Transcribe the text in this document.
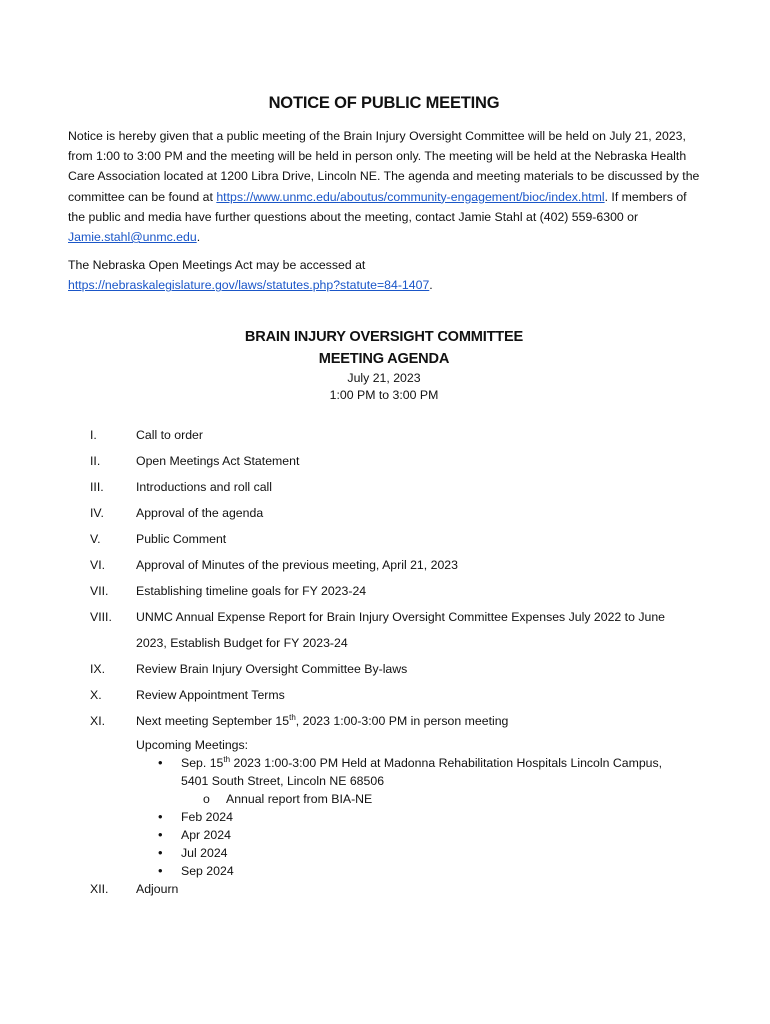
NOTICE OF PUBLIC MEETING

Notice is hereby given that a public meeting of the Brain Injury Oversight Committee will be held on July 21, 2023, from 1:00 to 3:00 PM and the meeting will be held in person only. The meeting will be held at the Nebraska Health Care Association located at 1200 Libra Drive, Lincoln NE. The agenda and meeting materials to be discussed by the committee can be found at https://www.unmc.edu/aboutus/community-engagement/bioc/index.html. If members of the public and media have further questions about the meeting, contact Jamie Stahl at (402) 559-6300 or Jamie.stahl@unmc.edu.

The Nebraska Open Meetings Act may be accessed at
https://nebraskalegislature.gov/laws/statutes.php?statute=84-1407.

BRAIN INJURY OVERSIGHT COMMITTEE
MEETING AGENDA
July 21, 2023
1:00 PM to 3:00 PM
I.	Call to order
II.	Open Meetings Act Statement
III.	Introductions and roll call
IV.	Approval of the agenda
V.	Public Comment
VI.	Approval of Minutes of the previous meeting, April 21, 2023
VII.	Establishing timeline goals for FY 2023-24
VIII.	UNMC Annual Expense Report for Brain Injury Oversight Committee Expenses July 2022 to June
2023, Establish Budget for FY 2023-24
IX.	Review Brain Injury Oversight Committee By-laws
X.	Review Appointment Terms
XI.	Next meeting September 15th, 2023 1:00-3:00 PM in person meeting
Upcoming Meetings:
• Sep. 15th 2023 1:00-3:00 PM Held at Madonna Rehabilitation Hospitals Lincoln Campus,
5401 South Street, Lincoln NE 68506
o Annual report from BIA-NE
• Feb 2024
• Apr 2024
• Jul 2024
• Sep 2024
XII.	Adjourn
